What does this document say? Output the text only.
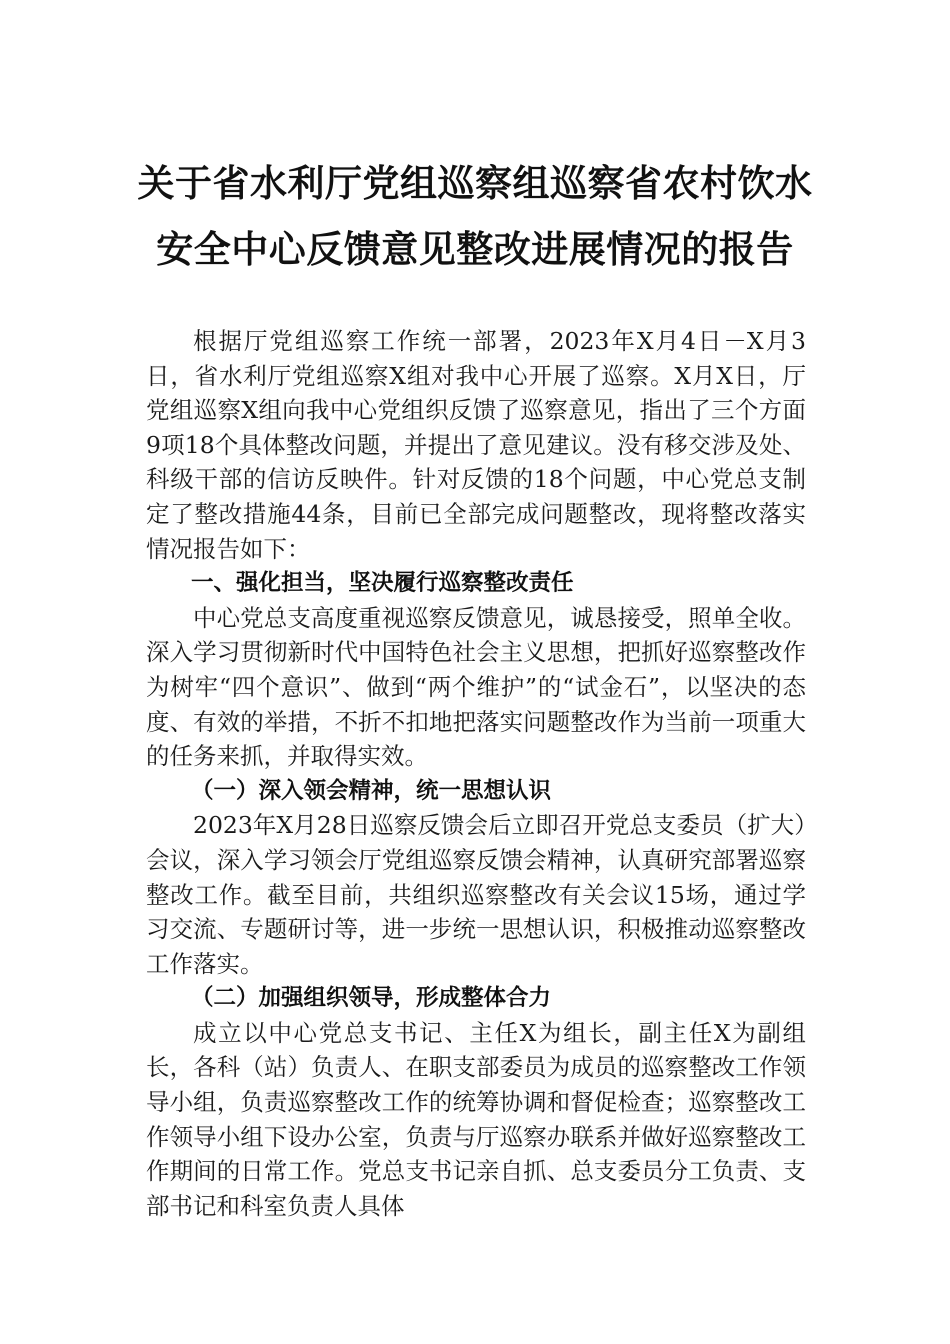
关于省水利厅党组巡察组巡察省农村饮水
安全中心反馈意见整改进展情况的报告

根据厅党组巡察工作统一部署，2023年X月4日－X月3日，省水利厅党组巡察X组对我中心开展了巡察。X月X日，厅党组巡察X组向我中心党组织反馈了巡察意见，指出了三个方面9项18个具体整改问题，并提出了意见建议。没有移交涉及处、科级干部的信访反映件。针对反馈的18个问题，中心党总支制定了整改措施44条，目前已全部完成问题整改，现将整改落实情况报告如下：

一、强化担当，坚决履行巡察整改责任

中心党总支高度重视巡察反馈意见，诚恳接受，照单全收。深入学习贯彻新时代中国特色社会主义思想，把抓好巡察整改作为树牢“四个意识”、做到“两个维护”的“试金石”，以坚决的态度、有效的举措，不折不扣地把落实问题整改作为当前一项重大的任务来抓，并取得实效。

（一）深入领会精神，统一思想认识

2023年X月28日巡察反馈会后立即召开党总支委员（扩大）会议，深入学习领会厅党组巡察反馈会精神，认真研究部署巡察整改工作。截至目前，共组织巡察整改有关会议15场，通过学习交流、专题研讨等，进一步统一思想认识，积极推动巡察整改工作落实。

（二）加强组织领导，形成整体合力

成立以中心党总支书记、主任X为组长，副主任X为副组长，各科（站）负责人、在职支部委员为成员的巡察整改工作领导小组，负责巡察整改工作的统筹协调和督促检查；巡察整改工作领导小组下设办公室，负责与厅巡察办联系并做好巡察整改工作期间的日常工作。党总支书记亲自抓、总支委员分工负责、支部书记和科室负责人具体
